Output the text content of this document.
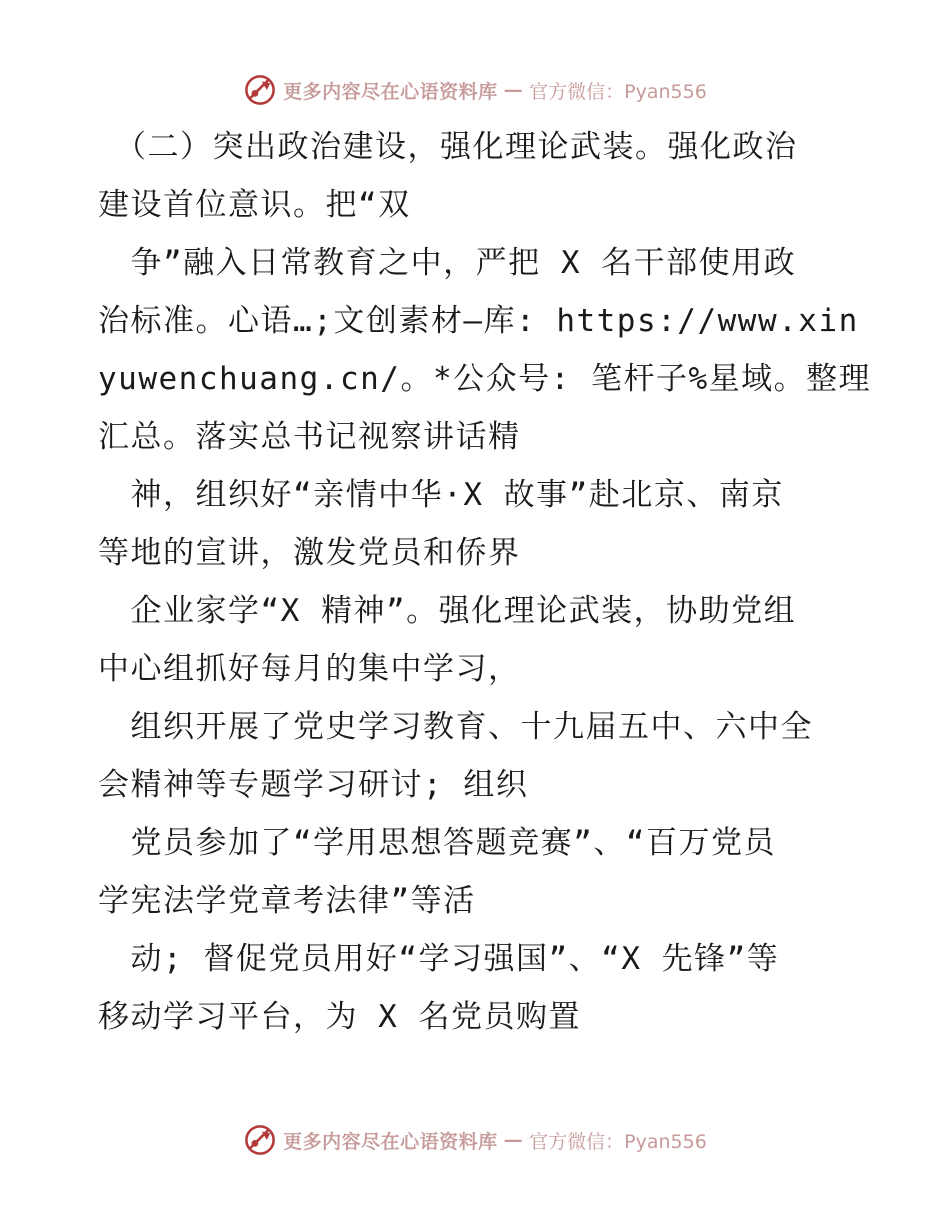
更多内容尽在心语资料库 — 官方微信：Pyan556
　（二）突出政治建设，强化理论武装。强化政治
建设首位意识。把“双
　争”融入日常教育之中，严把 X 名干部使用政
治标准。心语…;文创素材—库: https://www.xin
yuwenchuang.cn/。*公众号: 笔杆子%星域。整理
汇总。落实总书记视察讲话精
　神，组织好“亲情中华·X 故事”赴北京、南京
等地的宣讲，激发党员和侨界
　企业家学“X 精神”。强化理论武装，协助党组
中心组抓好每月的集中学习，
　组织开展了党史学习教育、十九届五中、六中全
会精神等专题学习研讨; 组织
　党员参加了“学用思想答题竞赛”、“百万党员
学宪法学党章考法律”等活
　动; 督促党员用好“学习强国”、“X 先锋”等
移动学习平台，为 X 名党员购置
更多内容尽在心语资料库 — 官方微信：Pyan556
